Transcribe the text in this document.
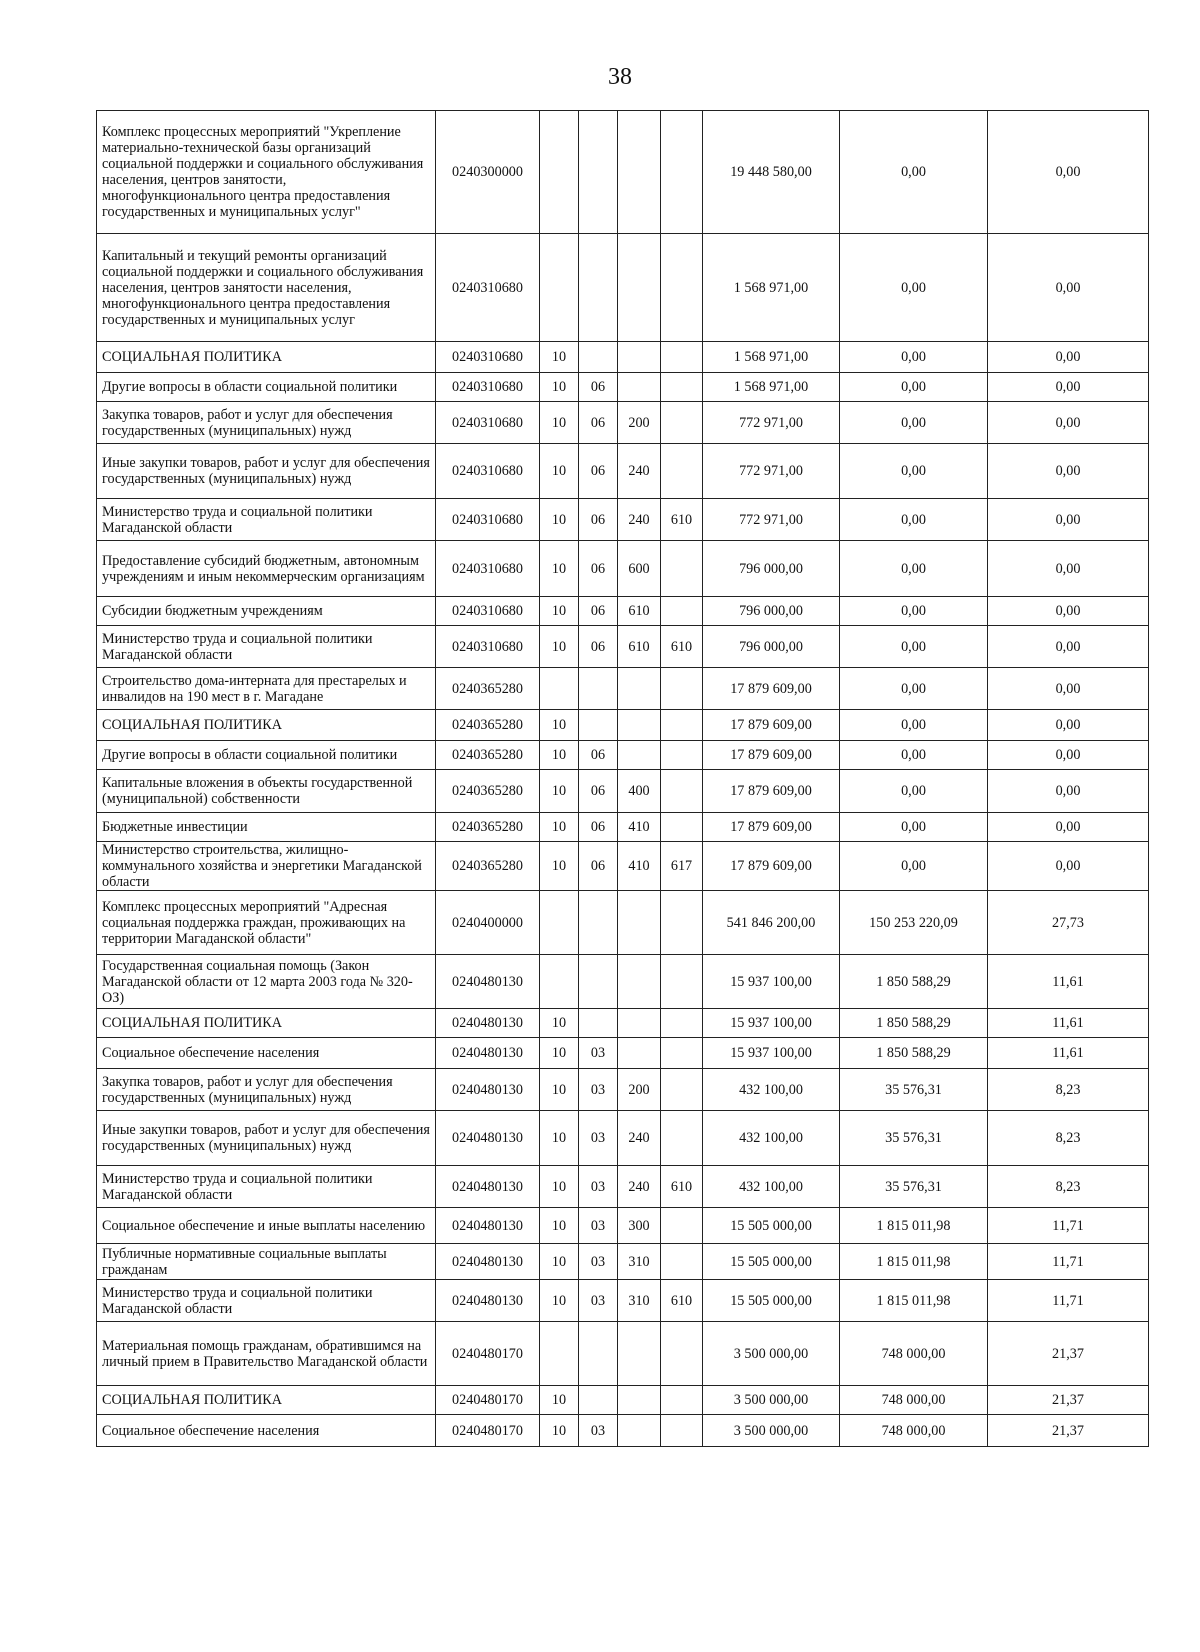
38
Комплекс процессных мероприятий "Укрепление материально-технической базы организаций социальной поддержки и социального обслуживания населения, центров занятости, многофункционального центра предоставления государственных и муниципальных услуг"	0240300000					19 448 580,00	0,00	0,00
Капитальный и текущий ремонты организаций социальной поддержки и социального обслуживания населения, центров занятости населения, многофункционального центра предоставления государственных и муниципальных услуг	0240310680					1 568 971,00	0,00	0,00
СОЦИАЛЬНАЯ ПОЛИТИКА	0240310680	10				1 568 971,00	0,00	0,00
Другие вопросы в области социальной политики	0240310680	10	06			1 568 971,00	0,00	0,00
Закупка товаров, работ и услуг для обеспечения государственных (муниципальных) нужд	0240310680	10	06	200		772 971,00	0,00	0,00
Иные закупки товаров, работ и услуг для обеспечения государственных (муниципальных) нужд	0240310680	10	06	240		772 971,00	0,00	0,00
Министерство труда и социальной политики Магаданской области	0240310680	10	06	240	610	772 971,00	0,00	0,00
Предоставление субсидий бюджетным, автономным учреждениям и иным некоммерческим организациям	0240310680	10	06	600		796 000,00	0,00	0,00
Субсидии бюджетным учреждениям	0240310680	10	06	610		796 000,00	0,00	0,00
Министерство труда и социальной политики Магаданской области	0240310680	10	06	610	610	796 000,00	0,00	0,00
Строительство дома-интерната для престарелых и инвалидов на 190 мест в г. Магадане	0240365280					17 879 609,00	0,00	0,00
СОЦИАЛЬНАЯ ПОЛИТИКА	0240365280	10				17 879 609,00	0,00	0,00
Другие вопросы в области социальной политики	0240365280	10	06			17 879 609,00	0,00	0,00
Капитальные вложения в объекты государственной (муниципальной) собственности	0240365280	10	06	400		17 879 609,00	0,00	0,00
Бюджетные инвестиции	0240365280	10	06	410		17 879 609,00	0,00	0,00
Министерство строительства, жилищно-коммунального хозяйства и энергетики Магаданской области	0240365280	10	06	410	617	17 879 609,00	0,00	0,00
Комплекс процессных мероприятий "Адресная социальная поддержка граждан, проживающих на территории Магаданской области"	0240400000					541 846 200,00	150 253 220,09	27,73
Государственная социальная помощь (Закон Магаданской области от 12 марта 2003 года № 320-ОЗ)	0240480130					15 937 100,00	1 850 588,29	11,61
СОЦИАЛЬНАЯ ПОЛИТИКА	0240480130	10				15 937 100,00	1 850 588,29	11,61
Социальное обеспечение населения	0240480130	10	03			15 937 100,00	1 850 588,29	11,61
Закупка товаров, работ и услуг для обеспечения государственных (муниципальных) нужд	0240480130	10	03	200		432 100,00	35 576,31	8,23
Иные закупки товаров, работ и услуг для обеспечения государственных (муниципальных) нужд	0240480130	10	03	240		432 100,00	35 576,31	8,23
Министерство труда и социальной политики Магаданской области	0240480130	10	03	240	610	432 100,00	35 576,31	8,23
Социальное обеспечение и иные выплаты населению	0240480130	10	03	300		15 505 000,00	1 815 011,98	11,71
Публичные нормативные социальные выплаты гражданам	0240480130	10	03	310		15 505 000,00	1 815 011,98	11,71
Министерство труда и социальной политики Магаданской области	0240480130	10	03	310	610	15 505 000,00	1 815 011,98	11,71
Материальная помощь гражданам, обратившимся на личный прием в Правительство Магаданской области	0240480170					3 500 000,00	748 000,00	21,37
СОЦИАЛЬНАЯ ПОЛИТИКА	0240480170	10				3 500 000,00	748 000,00	21,37
Социальное обеспечение населения	0240480170	10	03			3 500 000,00	748 000,00	21,37
